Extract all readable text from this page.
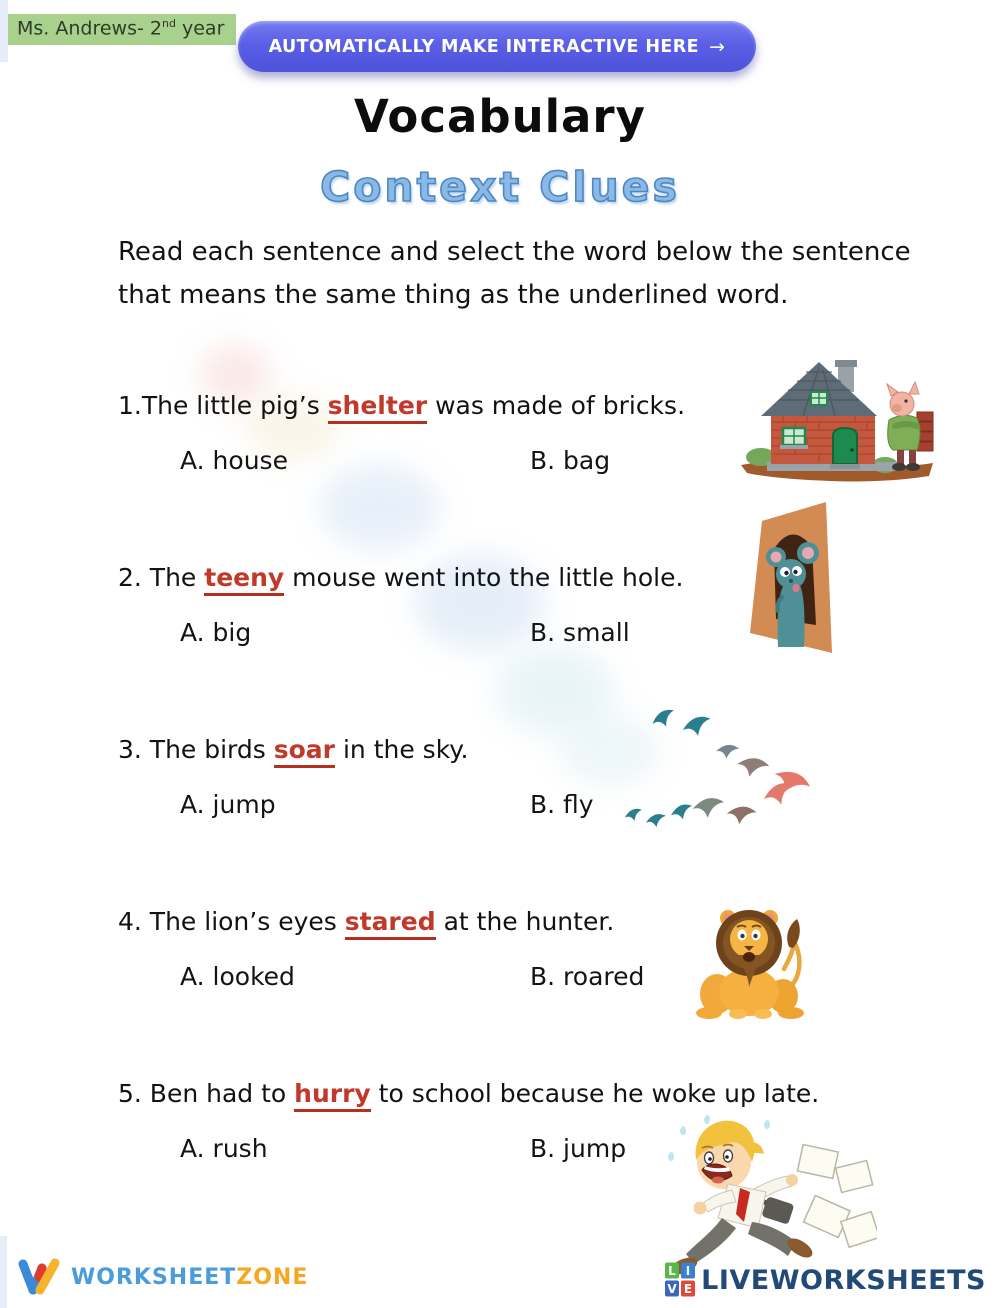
Ms. Andrews- 2nd year
AUTOMATICALLY MAKE INTERACTIVE HERE →
Vocabulary
Context Clues
Read each sentence and select the word below the sentence
that means the same thing as the underlined word.

1.The little pig’s shelter was made of bricks.

A. house	B. bag

2. The teeny mouse went into the little hole.

A. big	B. small

3. The birds soar in the sky.

A. jump	B. fly

4. The lion’s eyes stared at the hunter.

A. looked	B. roared

5. Ben had to hurry to school because he woke up late.

A. rush	B. jump
WORKSHEETZONE	L I
V E LIVEWORKSHEETS
